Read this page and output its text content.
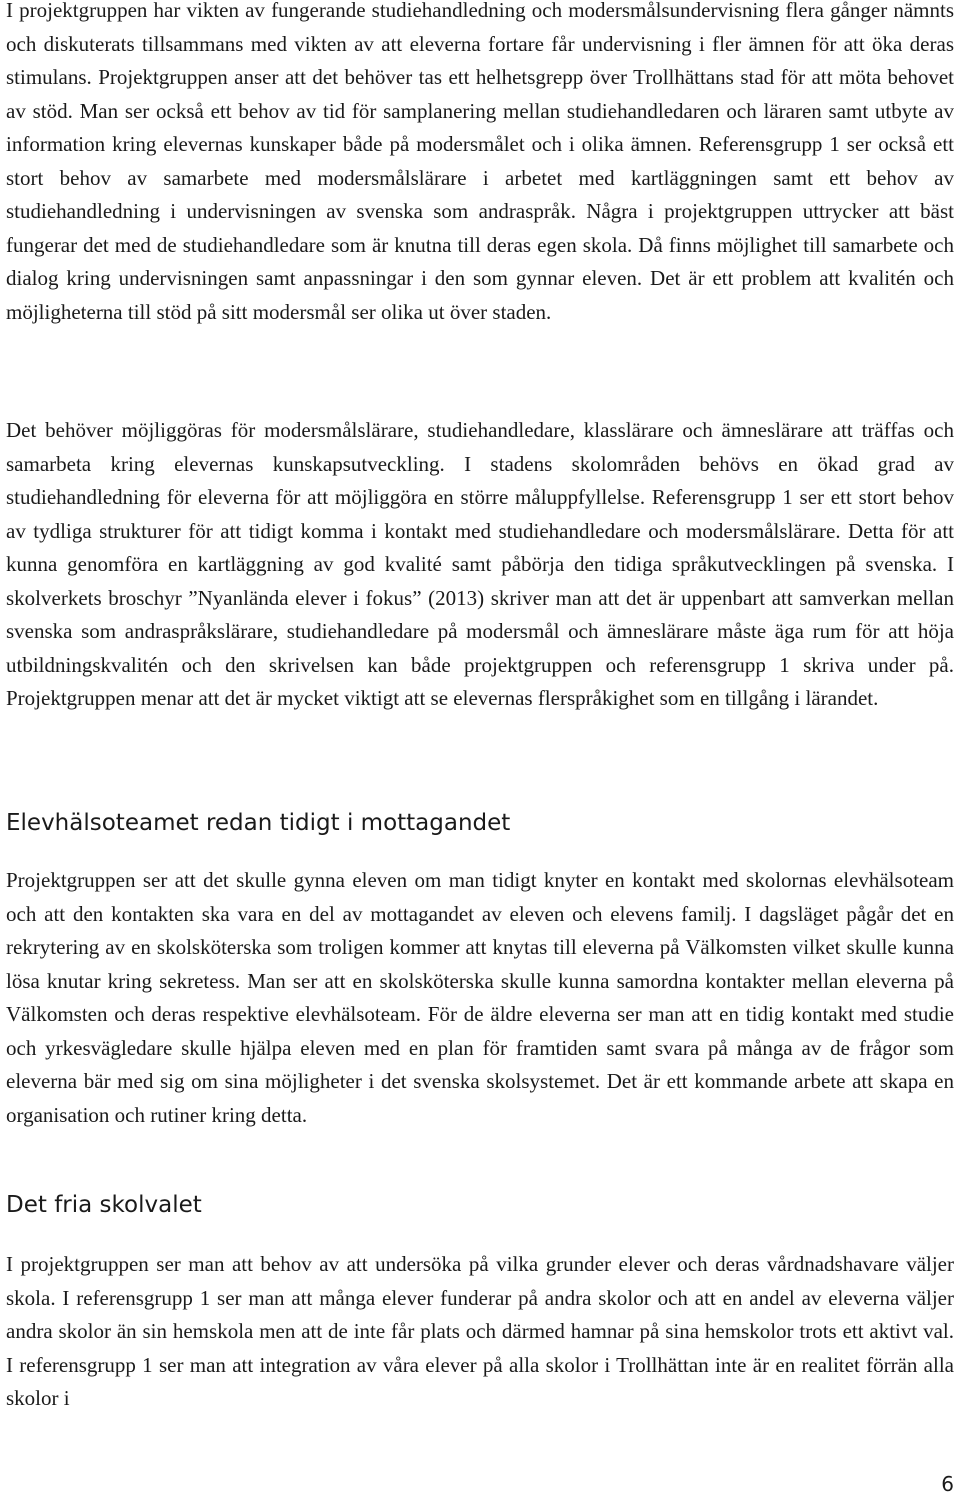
I projektgruppen har vikten av fungerande studiehandledning och modersmålsundervisning flera gånger nämnts och diskuterats tillsammans med vikten av att eleverna fortare får undervisning i fler ämnen för att öka deras stimulans. Projektgruppen anser att det behöver tas ett helhetsgrepp över Trollhättans stad för att möta behovet av stöd. Man ser också ett behov av tid för samplanering mellan studiehandledaren och läraren samt utbyte av information kring elevernas kunskaper både på modersmålet och i olika ämnen. Referensgrupp 1 ser också ett stort behov av samarbete med modersmålslärare i arbetet med kartläggningen samt ett behov av studiehandledning i undervisningen av svenska som andraspråk. Några i projektgruppen uttrycker att bäst fungerar det med de studiehandledare som är knutna till deras egen skola. Då finns möjlighet till samarbete och dialog kring undervisningen samt anpassningar i den som gynnar eleven. Det är ett problem att kvalitén och möjligheterna till stöd på sitt modersmål ser olika ut över staden.

Det behöver möjliggöras för modersmålslärare, studiehandledare, klasslärare och ämneslärare att träffas och samarbeta kring elevernas kunskapsutveckling. I stadens skolområden behövs en ökad grad av studiehandledning för eleverna för att möjliggöra en större måluppfyllelse. Referensgrupp 1 ser ett stort behov av tydliga strukturer för att tidigt komma i kontakt med studiehandledare och modersmålslärare. Detta för att kunna genomföra en kartläggning av god kvalité samt påbörja den tidiga språkutvecklingen på svenska. I skolverkets broschyr ”Nyanlända elever i fokus” (2013) skriver man att det är uppenbart att samverkan mellan svenska som andraspråkslärare, studiehandledare på modersmål och ämneslärare måste äga rum för att höja utbildningskvalitén och den skrivelsen kan både projektgruppen och referensgrupp 1 skriva under på. Projektgruppen menar att det är mycket viktigt att se elevernas flerspråkighet som en tillgång i lärandet.

Elevhälsoteamet redan tidigt i mottagandet

Projektgruppen ser att det skulle gynna eleven om man tidigt knyter en kontakt med skolornas elevhälsoteam och att den kontakten ska vara en del av mottagandet av eleven och elevens familj. I dagsläget pågår det en rekrytering av en skolsköterska som troligen kommer att knytas till eleverna på Välkomsten vilket skulle kunna lösa knutar kring sekretess. Man ser att en skolsköterska skulle kunna samordna kontakter mellan eleverna på Välkomsten och deras respektive elevhälsoteam. För de äldre eleverna ser man att en tidig kontakt med studie och yrkesvägledare skulle hjälpa eleven med en plan för framtiden samt svara på många av de frågor som eleverna bär med sig om sina möjligheter i det svenska skolsystemet. Det är ett kommande arbete att skapa en organisation och rutiner kring detta.

Det fria skolvalet

I projektgruppen ser man att behov av att undersöka på vilka grunder elever och deras vårdnadshavare väljer skola. I referensgrupp 1 ser man att många elever funderar på andra skolor och att en andel av eleverna väljer andra skolor än sin hemskola men att de inte får plats och därmed hamnar på sina hemskolor trots ett aktivt val. I referensgrupp 1 ser man att integration av våra elever på alla skolor i Trollhättan inte är en realitet förrän alla skolor i

6
